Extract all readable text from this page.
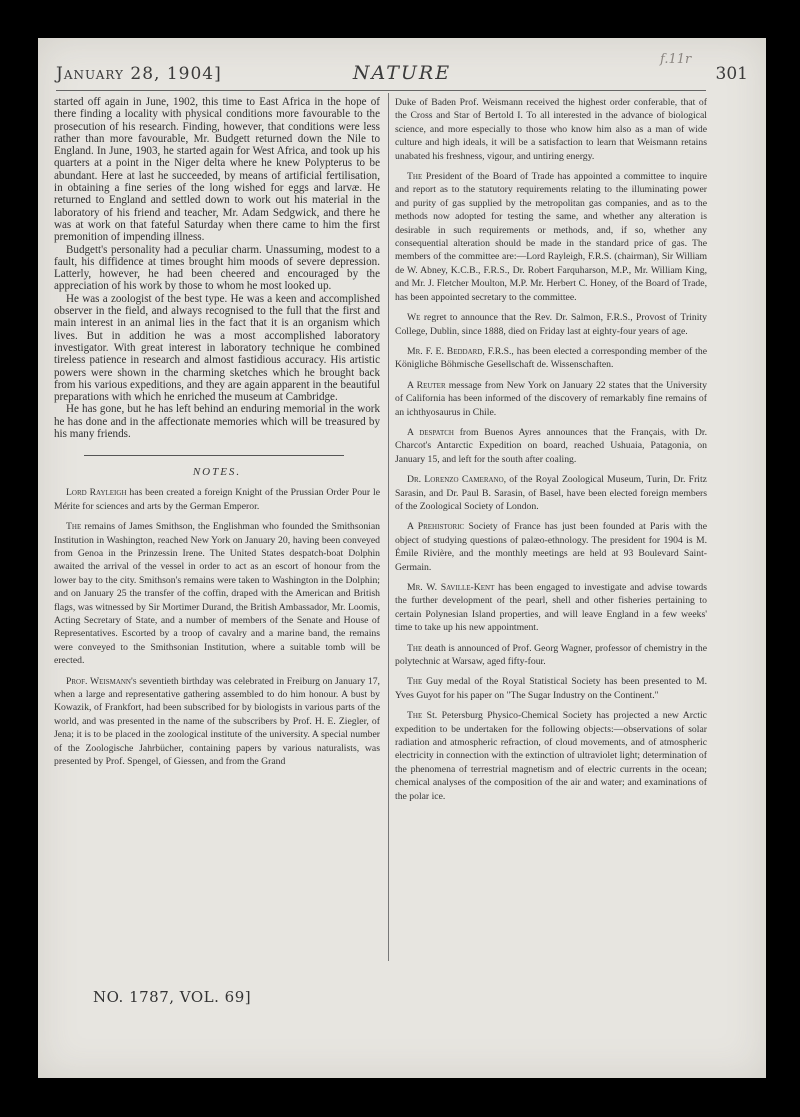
f.11r
January 28, 1904]	NATURE	301

started off again in June, 1902, this time to East Africa in the hope of there finding a locality with physical conditions more favourable to the prosecution of his research. Finding, however, that conditions were less rather than more favourable, Mr. Budgett returned down the Nile to England. In June, 1903, he started again for West Africa, and took up his quarters at a point in the Niger delta where he knew Polypterus to be abundant. Here at last he succeeded, by means of artificial fertilisation, in obtaining a fine series of the long wished for eggs and larvæ. He returned to England and settled down to work out his material in the laboratory of his friend and teacher, Mr. Adam Sedgwick, and there he was at work on that fateful Saturday when there came to him the first premonition of impending illness.

Budgett's personality had a peculiar charm. Unassuming, modest to a fault, his diffidence at times brought him moods of severe depression. Latterly, however, he had been cheered and encouraged by the appreciation of his work by those to whom he most looked up.

He was a zoologist of the best type. He was a keen and accomplished observer in the field, and always recognised to the full that the first and main interest in an animal lies in the fact that it is an organism which lives. But in addition he was a most accomplished laboratory investigator. With great interest in laboratory technique he combined tireless patience in research and almost fastidious accuracy. His artistic powers were shown in the charming sketches which he brought back from his various expeditions, and they are again apparent in the beautiful preparations with which he enriched the museum at Cambridge.

He has gone, but he has left behind an enduring memorial in the work he has done and in the affectionate memories which will be treasured by his many friends.

NOTES.

Lord Rayleigh has been created a foreign Knight of the Prussian Order Pour le Mérite for sciences and arts by the German Emperor.

The remains of James Smithson, the Englishman who founded the Smithsonian Institution in Washington, reached New York on January 20, having been conveyed from Genoa in the Prinzessin Irene. The United States despatch-boat Dolphin awaited the arrival of the vessel in order to act as an escort of honour from the lower bay to the city. Smithson's remains were taken to Washington in the Dolphin; and on January 25 the transfer of the coffin, draped with the American and British flags, was witnessed by Sir Mortimer Durand, the British Ambassador, Mr. Loomis, Acting Secretary of State, and a number of members of the Senate and House of Representatives. Escorted by a troop of cavalry and a marine band, the remains were conveyed to the Smithsonian Institution, where a suitable tomb will be erected.

Prof. Weismann's seventieth birthday was celebrated in Freiburg on January 17, when a large and representative gathering assembled to do him honour. A bust by Kowazik, of Frankfort, had been subscribed for by biologists in various parts of the world, and was presented in the name of the subscribers by Prof. H. E. Ziegler, of Jena; it is to be placed in the zoological institute of the university. A special number of the Zoologische Jahrbücher, containing papers by various naturalists, was presented by Prof. Spengel, of Giessen, and from the Grand

Duke of Baden Prof. Weismann received the highest order conferable, that of the Cross and Star of Bertold I. To all interested in the advance of biological science, and more especially to those who know him also as a man of wide culture and high ideals, it will be a satisfaction to learn that Weismann retains unabated his freshness, vigour, and untiring energy.

The President of the Board of Trade has appointed a committee to inquire and report as to the statutory requirements relating to the illuminating power and purity of gas supplied by the metropolitan gas companies, and as to the methods now adopted for testing the same, and whether any alteration is desirable in such requirements or methods, and, if so, whether any consequential alteration should be made in the standard price of gas. The members of the committee are:—Lord Rayleigh, F.R.S. (chairman), Sir William de W. Abney, K.C.B., F.R.S., Dr. Robert Farquharson, M.P., Mr. William King, and Mr. J. Fletcher Moulton, M.P. Mr. Herbert C. Honey, of the Board of Trade, has been appointed secretary to the committee.

We regret to announce that the Rev. Dr. Salmon, F.R.S., Provost of Trinity College, Dublin, since 1888, died on Friday last at eighty-four years of age.

Mr. F. E. Beddard, F.R.S., has been elected a corresponding member of the Königliche Böhmische Gesellschaft de. Wissenschaften.

A Reuter message from New York on January 22 states that the University of California has been informed of the discovery of remarkably fine remains of an ichthyosaurus in Chile.

A despatch from Buenos Ayres announces that the Français, with Dr. Charcot's Antarctic Expedition on board, reached Ushuaia, Patagonia, on January 15, and left for the south after coaling.

Dr. Lorenzo Camerano, of the Royal Zoological Museum, Turin, Dr. Fritz Sarasin, and Dr. Paul B. Sarasin, of Basel, have been elected foreign members of the Zoological Society of London.

A Prehistoric Society of France has just been founded at Paris with the object of studying questions of palæo-ethnology. The president for 1904 is M. Émile Rivière, and the monthly meetings are held at 93 Boulevard Saint-Germain.

Mr. W. Saville-Kent has been engaged to investigate and advise towards the further development of the pearl, shell and other fisheries pertaining to certain Polynesian Island properties, and will leave England in a few weeks' time to take up his new appointment.

The death is announced of Prof. Georg Wagner, professor of chemistry in the polytechnic at Warsaw, aged fifty-four.

The Guy medal of the Royal Statistical Society has been presented to M. Yves Guyot for his paper on "The Sugar Industry on the Continent."

The St. Petersburg Physico-Chemical Society has projected a new Arctic expedition to be undertaken for the following objects:—observations of solar radiation and atmospheric refraction, of cloud movements, and of atmospheric electricity in connection with the extinction of ultraviolet light; determination of the phenomena of terrestrial magnetism and of electric currents in the ocean; chemical analyses of the composition of the air and water; and examinations of the polar ice.

NO. 1787, VOL. 69]
